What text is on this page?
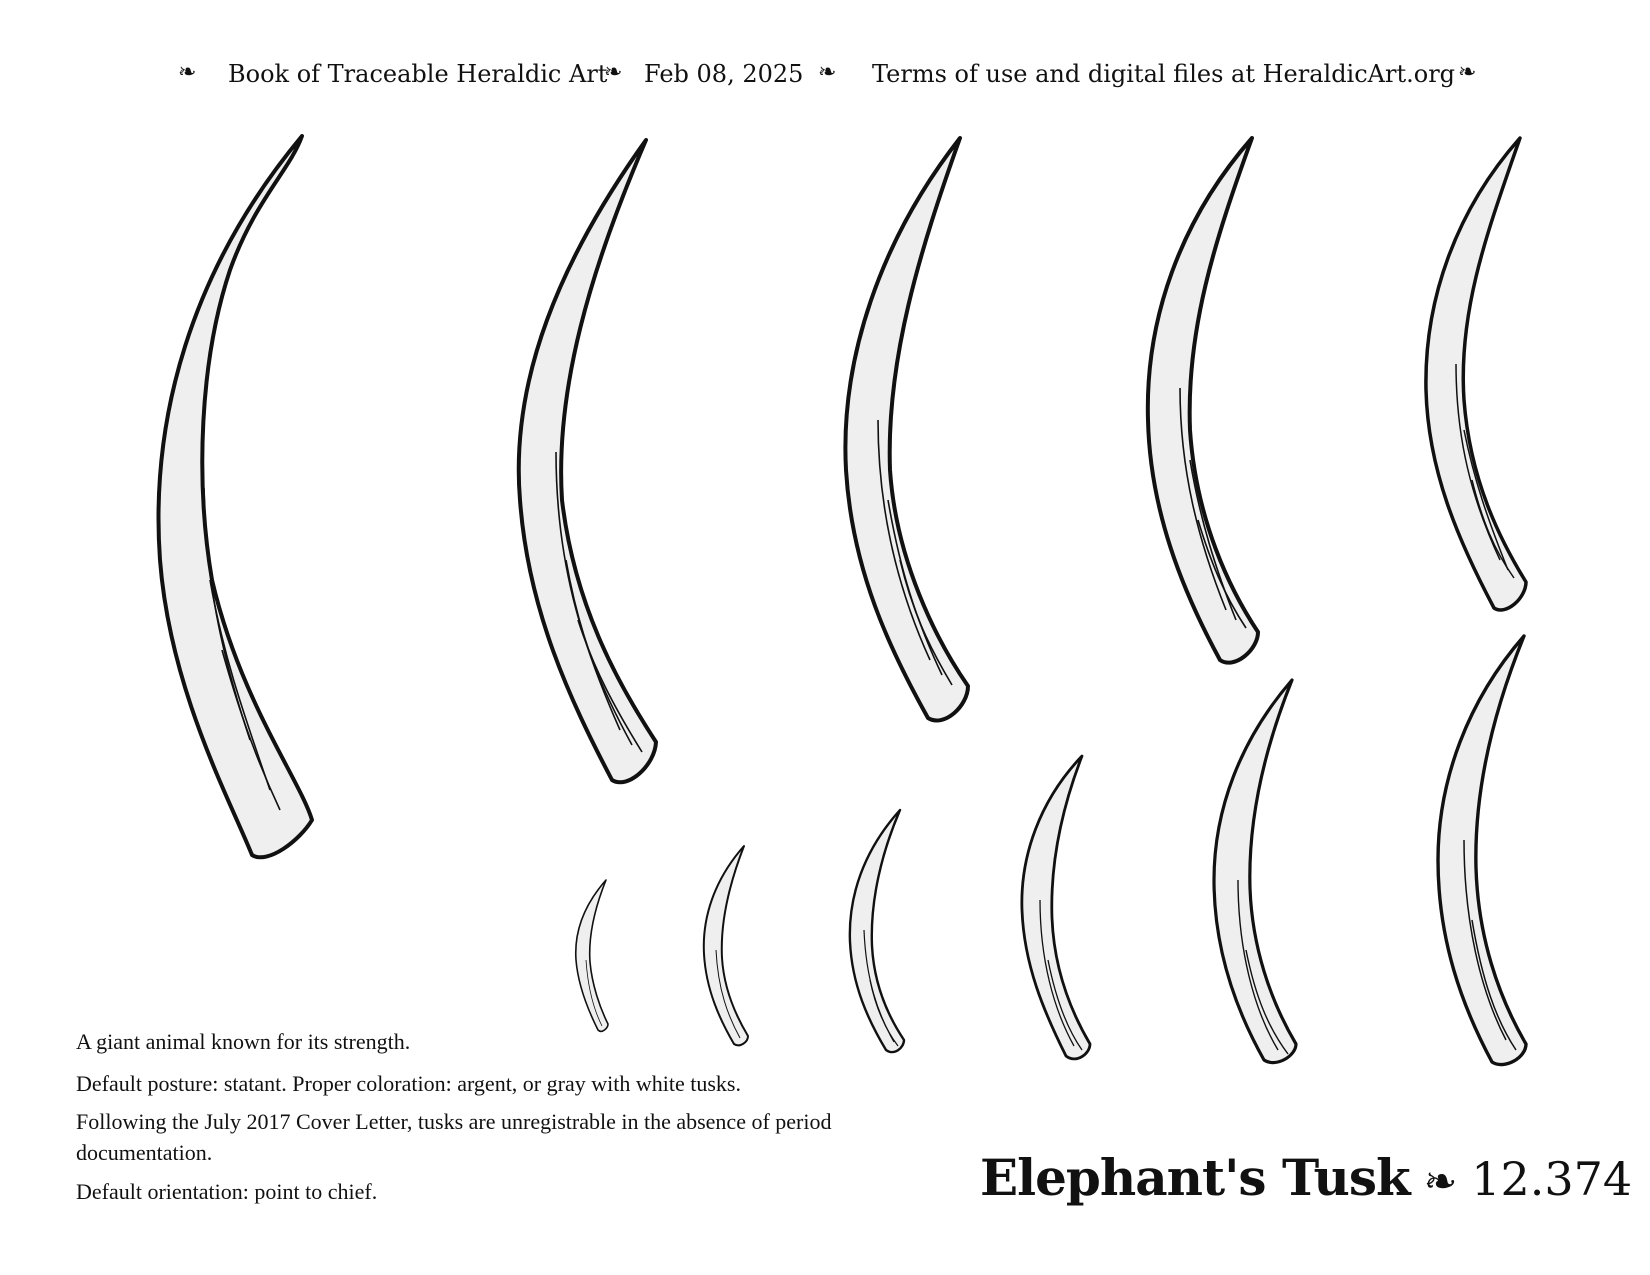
❧ Book of Traceable Heraldic Art
❧ Feb 08, 2025 ❧ Terms of use and digital files at HeraldicArt.org ❧
A giant animal known for its strength.
Default posture: statant. Proper coloration: argent, or gray with white tusks.
Following the July 2017 Cover Letter, tusks are unregistrable in the absence of period documentation.
Default orientation: point to chief.	Elephant's Tusk ❧ 12.374
